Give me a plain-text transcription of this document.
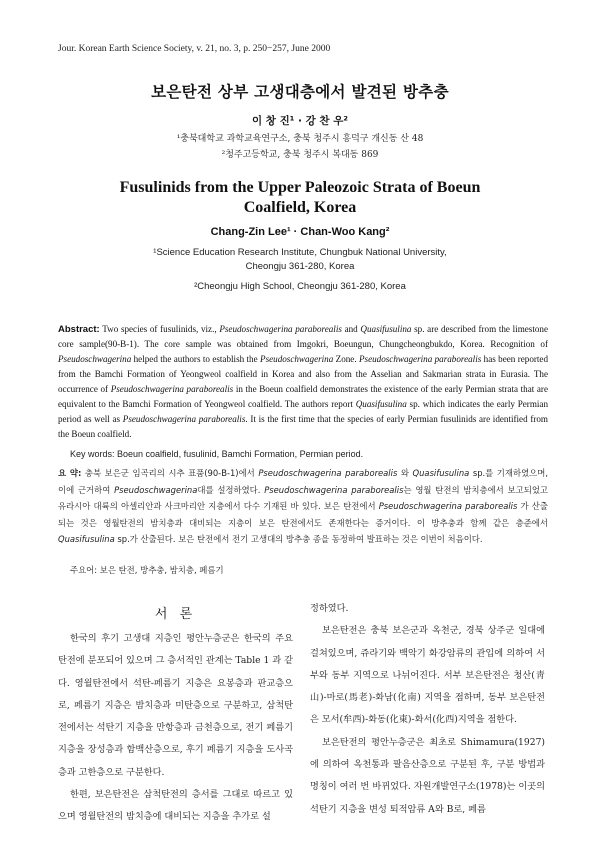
Jour. Korean Earth Science Society, v. 21, no. 3, p. 250−257, June 2000
보은탄전 상부 고생대층에서 발견된 방추충
이 창 진¹ · 강 찬 우²
¹충북대학교 과학교육연구소, 충북 청주시 흥덕구 개신동 산 48
²청주고등학교, 충북 청주시 복대동 869
Fusulinids from the Upper Paleozoic Strata of Boeun
Coalfield, Korea
Chang-Zin Lee¹ · Chan-Woo Kang²
¹Science Education Research Institute, Chungbuk National University,
Cheongju 361-280, Korea
²Cheongju High School, Cheongju 361-280, Korea
Abstract: Two species of fusulinids, viz., Pseudoschwagerina paraborealis and Quasifusulina sp. are described from the limestone core sample(90-B-1). The core sample was obtained from Imgokri, Boeungun, Chungcheongbukdo, Korea. Recognition of Pseudoschwagerina helped the authors to establish the Pseudoschwagerina Zone. Pseudoschwagerina paraborealis has been reported from the Bamchi Formation of Yeongweol coalfield in Korea and also from the Asselian and Sakmarian strata in Eurasia. The occurrence of Pseudoschwagerina paraborealis in the Boeun coalfield demonstrates the existence of the early Permian strata that are equivalent to the Bamchi Formation of Yeongweol coalfield. The authors report Quasifusulina sp. which indicates the early Permian period as well as Pseudoschwagerina paraborealis. It is the first time that the species of early Permian fusulinids are identified from the Boeun coalfield.
Key words: Boeun coalfield, fusulinid, Bamchi Formation, Permian period.
요 약: 충북 보은군 임곡리의 시추 표품(90-B-1)에서 Pseudoschwagerina paraborealis 와 Quasifusulina sp.를 기재하였으며, 이에 근거하여 Pseudoschwagerina대를 설정하였다. Pseudoschwagerina paraborealis는 영월 탄전의 밤치층에서 보고되었고 유라시아 대륙의 아셀리안과 사크마리안 지층에서 다수 기재된 바 있다. 보은 탄전에서 Pseudoschwagerina paraborealis 가 산출되는 것은 영월탄전의 밤치층과 대비되는 지층이 보은 탄전에서도 존재한다는 증거이다. 이 방추충과 함께 같은 층준에서 Quasifusulina sp.가 산출된다. 보은 탄전에서 전기 고생대의 방추충 종을 동정하여 발표하는 것은 이번이 처음이다.
주요어: 보은 탄전, 방추충, 밤치층, 페름기
서 론

한국의 후기 고생대 지층인 평안누층군은 한국의 주요 탄전에 분포되어 있으며 그 층서적인 관계는 Table 1 과 같다. 영월탄전에서 석탄-페름기 지층은 요봉층과 판교층으로, 페름기 지층은 밤치층과 미탄층으로 구분하고, 삼척탄전에서는 석탄기 지층을 만항층과 금천층으로, 전기 페름기 지층을 장성층과 함백산층으로, 후기 페름기 지층을 도사곡층과 고한층으로 구분한다.

한편, 보은탄전은 삼척탄전의 층서를 그대로 따르고 있으며 영월탄전의 밤치층에 대비되는 지층을 추가로 설

정하였다.

보은탄전은 충북 보은군과 옥천군, 경북 상주군 일대에 걸쳐있으며, 쥬라기와 백악기 화강암류의 관입에 의하여 서부와 동부 지역으로 나뉘어진다. 서부 보은탄전은 청산(靑山)-마로(馬老)-화남(化南) 지역을 점하며, 동부 보은탄전은 모서(牟西)-화동(化東)-화서(化西)지역을 점한다.

보은탄전의 평안누층군은 최초로 Shimamura(1927)에 의하여 옥천통과 팔음산층으로 구분된 후, 구분 방법과 명칭이 여러 번 바뀌었다. 자원개발연구소(1978)는 이곳의 석탄기 지층을 변성 퇴적암류 A와 B로, 페름
